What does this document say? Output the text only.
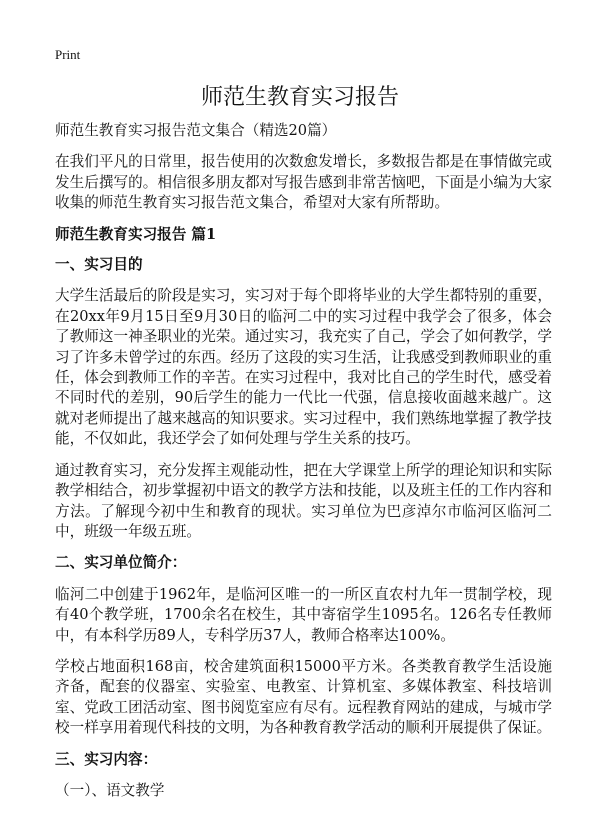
Print
师范生教育实习报告

师范生教育实习报告范文集合（精选20篇）

在我们平凡的日常里，报告使用的次数愈发增长，多数报告都是在事情做完或发生后撰写的。相信很多朋友都对写报告感到非常苦恼吧，下面是小编为大家收集的师范生教育实习报告范文集合，希望对大家有所帮助。

师范生教育实习报告 篇1
一、实习目的

大学生活最后的阶段是实习，实习对于每个即将毕业的大学生都特别的重要，在20xx年9月15日至9月30日的临河二中的实习过程中我学会了很多，体会了教师这一神圣职业的光荣。通过实习，我充实了自己，学会了如何教学，学习了许多未曾学过的东西。经历了这段的实习生活，让我感受到教师职业的重任，体会到教师工作的辛苦。在实习过程中，我对比自己的学生时代，感受着不同时代的差别，90后学生的能力一代比一代强，信息接收面越来越广。这就对老师提出了越来越高的知识要求。实习过程中，我们熟练地掌握了教学技能，不仅如此，我还学会了如何处理与学生关系的技巧。

通过教育实习，充分发挥主观能动性，把在大学课堂上所学的理论知识和实际教学相结合，初步掌握初中语文的教学方法和技能，以及班主任的工作内容和方法。了解现今初中生和教育的现状。实习单位为巴彦淖尔市临河区临河二中，班级一年级五班。

二、实习单位简介：

临河二中创建于1962年，是临河区唯一的一所区直农村九年一贯制学校，现有40个教学班，1700余名在校生，其中寄宿学生1095名。126名专任教师中，有本科学历89人，专科学历37人，教师合格率达100%。

学校占地面积168亩，校舍建筑面积15000平方米。各类教育教学生活设施齐备，配套的仪器室、实验室、电教室、计算机室、多媒体教室、科技培训室、党政工团活动室、图书阅览室应有尽有。远程教育网站的建成，与城市学校一样享用着现代科技的文明，为各种教育教学活动的顺利开展提供了保证。

三、实习内容：

（一）、语文教学
